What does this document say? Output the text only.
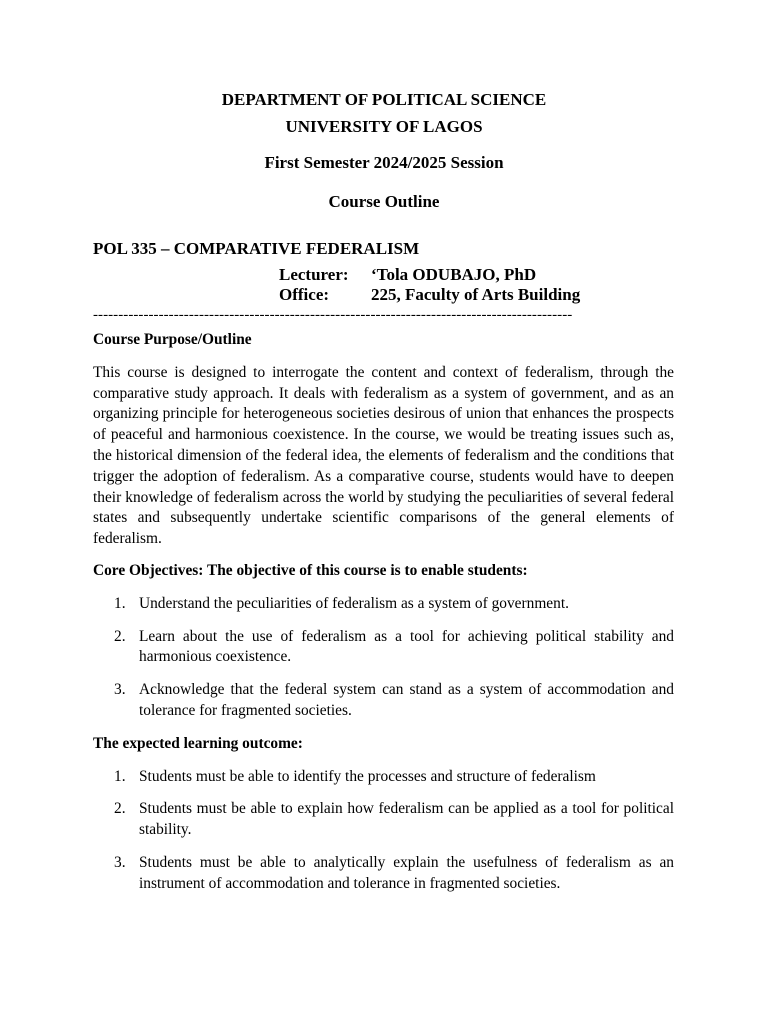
DEPARTMENT OF POLITICAL SCIENCE
UNIVERSITY OF LAGOS
First Semester 2024/2025 Session
Course Outline
POL 335 – COMPARATIVE FEDERALISM
Lecturer:	‘Tola ODUBAJO, PhD
Office:	225, Faculty of Arts Building
-----------------------------------------------------------------------------------------------
Course Purpose/Outline

This course is designed to interrogate the content and context of federalism, through the comparative study approach. It deals with federalism as a system of government, and as an organizing principle for heterogeneous societies desirous of union that enhances the prospects of peaceful and harmonious coexistence. In the course, we would be treating issues such as, the historical dimension of the federal idea, the elements of federalism and the conditions that trigger the adoption of federalism. As a comparative course, students would have to deepen their knowledge of federalism across the world by studying the peculiarities of several federal states and subsequently undertake scientific comparisons of the general elements of federalism.

Core Objectives: The objective of this course is to enable students:
1. Understand the peculiarities of federalism as a system of government.
2. Learn about the use of federalism as a tool for achieving political stability and harmonious coexistence.
3. Acknowledge that the federal system can stand as a system of accommodation and tolerance for fragmented societies.
The expected learning outcome:
1. Students must be able to identify the processes and structure of federalism
2. Students must be able to explain how federalism can be applied as a tool for political stability.
3. Students must be able to analytically explain the usefulness of federalism as an instrument of accommodation and tolerance in fragmented societies.
